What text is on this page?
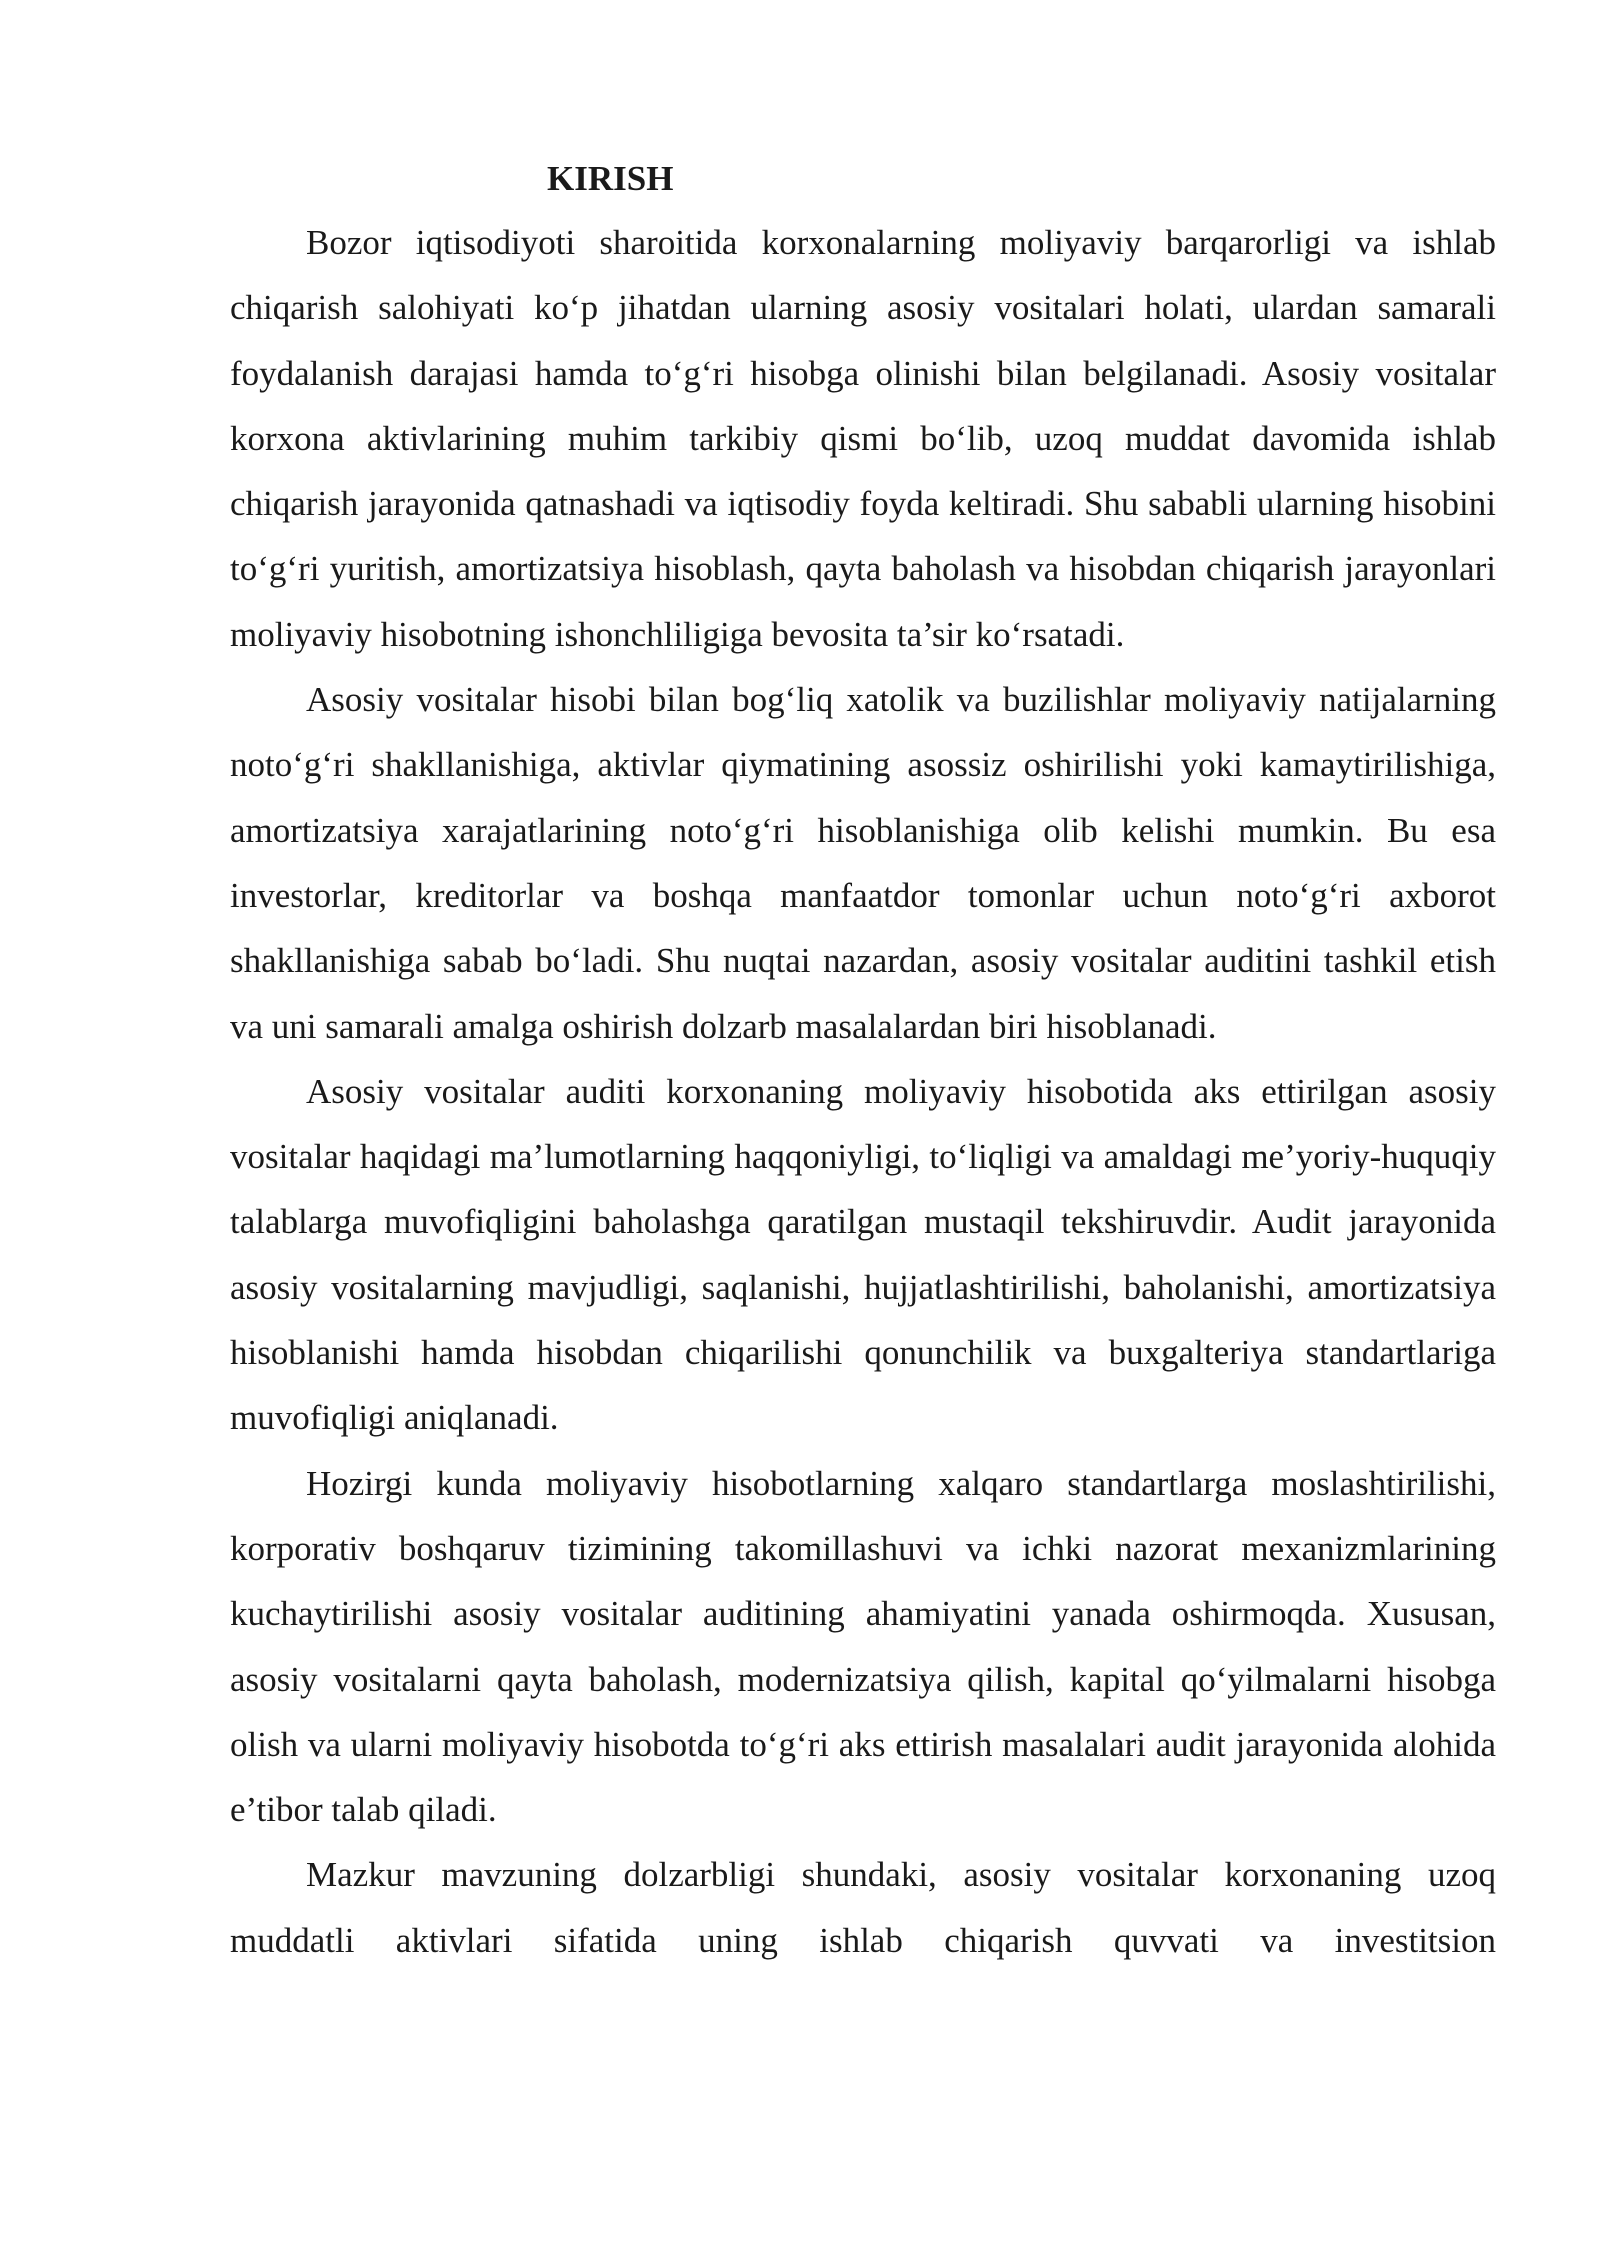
KIRISH

Bozor iqtisodiyoti sharoitida korxonalarning moliyaviy barqarorligi va ishlab chiqarish salohiyati ko‘p jihatdan ularning asosiy vositalari holati, ulardan samarali foydalanish darajasi hamda to‘g‘ri hisobga olinishi bilan belgilanadi. Asosiy vositalar korxona aktivlarining muhim tarkibiy qismi bo‘lib, uzoq muddat davomida ishlab chiqarish jarayonida qatnashadi va iqtisodiy foyda keltiradi. Shu sababli ularning hisobini to‘g‘ri yuritish, amortizatsiya hisoblash, qayta baholash va hisobdan chiqarish jarayonlari moliyaviy hisobotning ishonchliligiga bevosita ta’sir ko‘rsatadi.

Asosiy vositalar hisobi bilan bog‘liq xatolik va buzilishlar moliyaviy natijalarning noto‘g‘ri shakllanishiga, aktivlar qiymatining asossiz oshirilishi yoki kamaytirilishiga, amortizatsiya xarajatlarining noto‘g‘ri hisoblanishiga olib kelishi mumkin. Bu esa investorlar, kreditorlar va boshqa manfaatdor tomonlar uchun noto‘g‘ri axborot shakllanishiga sabab bo‘ladi. Shu nuqtai nazardan, asosiy vositalar auditini tashkil etish va uni samarali amalga oshirish dolzarb masalalardan biri hisoblanadi.

Asosiy vositalar auditi korxonaning moliyaviy hisobotida aks ettirilgan asosiy vositalar haqidagi ma’lumotlarning haqqoniyligi, to‘liqligi va amaldagi me’yoriy-huquqiy talablarga muvofiqligini baholashga qaratilgan mustaqil tekshiruvdir. Audit jarayonida asosiy vositalarning mavjudligi, saqlanishi, hujjatlashtirilishi, baholanishi, amortizatsiya hisoblanishi hamda hisobdan chiqarilishi qonunchilik va buxgalteriya standartlariga muvofiqligi aniqlanadi.

Hozirgi kunda moliyaviy hisobotlarning xalqaro standartlarga moslashtirilishi, korporativ boshqaruv tizimining takomillashuvi va ichki nazorat mexanizmlarining kuchaytirilishi asosiy vositalar auditining ahamiyatini yanada oshirmoqda. Xususan, asosiy vositalarni qayta baholash, modernizatsiya qilish, kapital qo‘yilmalarni hisobga olish va ularni moliyaviy hisobotda to‘g‘ri aks ettirish masalalari audit jarayonida alohida e’tibor talab qiladi.

Mazkur mavzuning dolzarbligi shundaki, asosiy vositalar korxonaning uzoq muddatli aktivlari sifatida uning ishlab chiqarish quvvati va investitsion
